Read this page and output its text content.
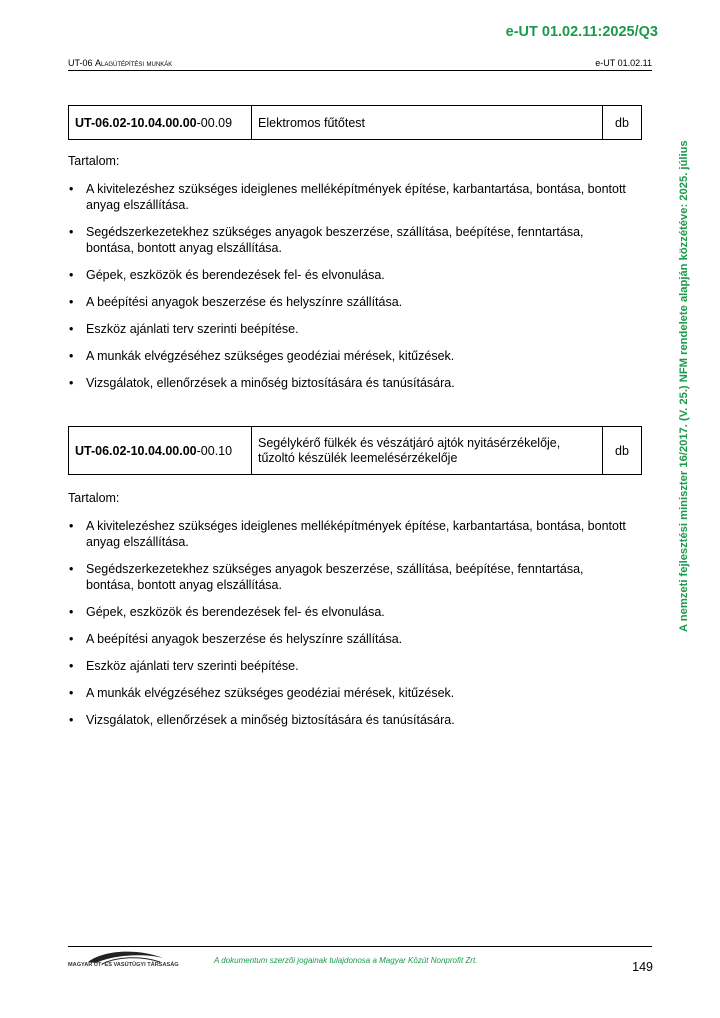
e-UT 01.02.11:2025/Q3
UT-06 Alagútépítési munkák	e-UT 01.02.11
A nemzeti fejlesztési miniszter 16/2017. (V. 25.) NFM rendelete alapján közzétéve: 2025. július
UT-06.02-10.04.00.00-00.09	Elektromos fűtőtest	db
Tartalom:
• A kivitelezéshez szükséges ideiglenes melléképítmények építése, karbantartása, bontása, bontott anyag elszállítása.
• Segédszerkezetekhez szükséges anyagok beszerzése, szállítása, beépítése, fenntartása, bontása, bontott anyag elszállítása.
• Gépek, eszközök és berendezések fel- és elvonulása.
• A beépítési anyagok beszerzése és helyszínre szállítása.
• Eszköz ajánlati terv szerinti beépítése.
• A munkák elvégzéséhez szükséges geodéziai mérések, kitűzések.
• Vizsgálatok, ellenőrzések a minőség biztosítására és tanúsítására.
UT-06.02-10.04.00.00-00.10	Segélykérő fülkék és vészátjáró ajtók nyitásérzékelője,
tűzoltó készülék leemelésérzékelője	db
Tartalom:
• A kivitelezéshez szükséges ideiglenes melléképítmények építése, karbantartása, bontása, bontott anyag elszállítása.
• Segédszerkezetekhez szükséges anyagok beszerzése, szállítása, beépítése, fenntartása, bontása, bontott anyag elszállítása.
• Gépek, eszközök és berendezések fel- és elvonulása.
• A beépítési anyagok beszerzése és helyszínre szállítása.
• Eszköz ajánlati terv szerinti beépítése.
• A munkák elvégzéséhez szükséges geodéziai mérések, kitűzések.
• Vizsgálatok, ellenőrzések a minőség biztosítására és tanúsítására.
MAGYAR ÚT- ÉS VASÚTÜGYI TÁRSASÁG	A dokumentum szerzői jogainak tulajdonosa a Magyar Közút Nonprofit Zrt.	149
